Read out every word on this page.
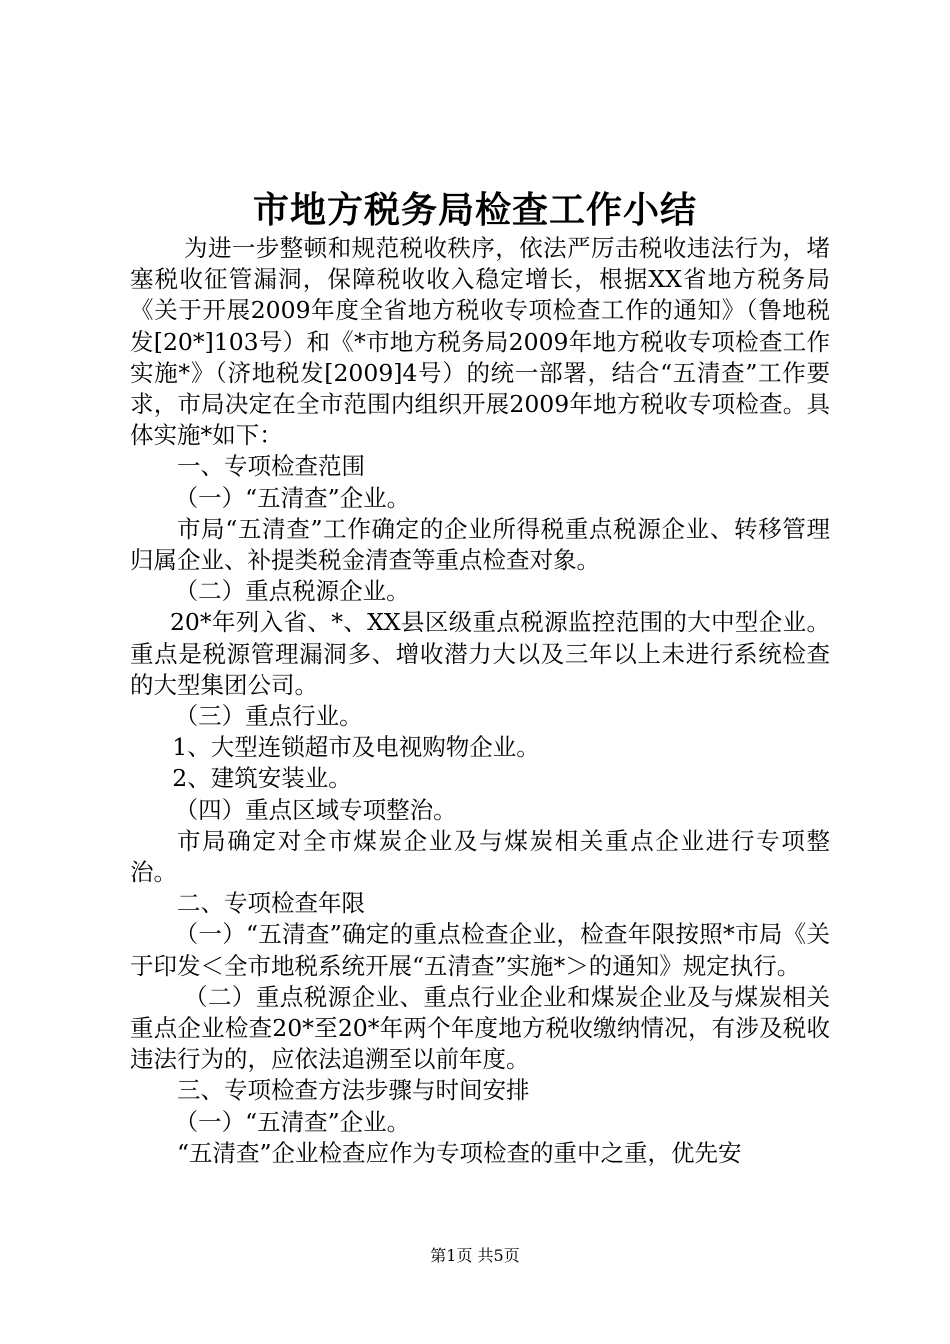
市地方税务局检查工作小结

为进一步整顿和规范税收秩序，依法严厉击税收违法行为，堵塞税收征管漏洞，保障税收收入稳定增长，根据XX省地方税务局《关于开展2009年度全省地方税收专项检查工作的通知》（鲁地税发[20*]103号）和《*市地方税务局2009年地方税收专项检查工作实施*》（济地税发[2009]4号）的统一部署，结合“五清查”工作要求，市局决定在全市范围内组织开展2009年地方税收专项检查。具体实施*如下：

一、专项检查范围

（一）“五清查”企业。

市局“五清查”工作确定的企业所得税重点税源企业、转移管理归属企业、补提类税金清查等重点检查对象。

（二）重点税源企业。

20*年列入省、*、XX县区级重点税源监控范围的大中型企业。重点是税源管理漏洞多、增收潜力大以及三年以上未进行系统检查的大型集团公司。

（三）重点行业。

1、大型连锁超市及电视购物企业。

2、建筑安装业。

（四）重点区域专项整治。

市局确定对全市煤炭企业及与煤炭相关重点企业进行专项整治。

二、专项检查年限

（一）“五清查”确定的重点检查企业，检查年限按照*市局《关于印发＜全市地税系统开展“五清查”实施*＞的通知》规定执行。

（二）重点税源企业、重点行业企业和煤炭企业及与煤炭相关重点企业检查20*至20*年两个年度地方税收缴纳情况，有涉及税收违法行为的，应依法追溯至以前年度。

三、专项检查方法步骤与时间安排

（一）“五清查”企业。

“五清查”企业检查应作为专项检查的重中之重，优先安

第1页 共5页
